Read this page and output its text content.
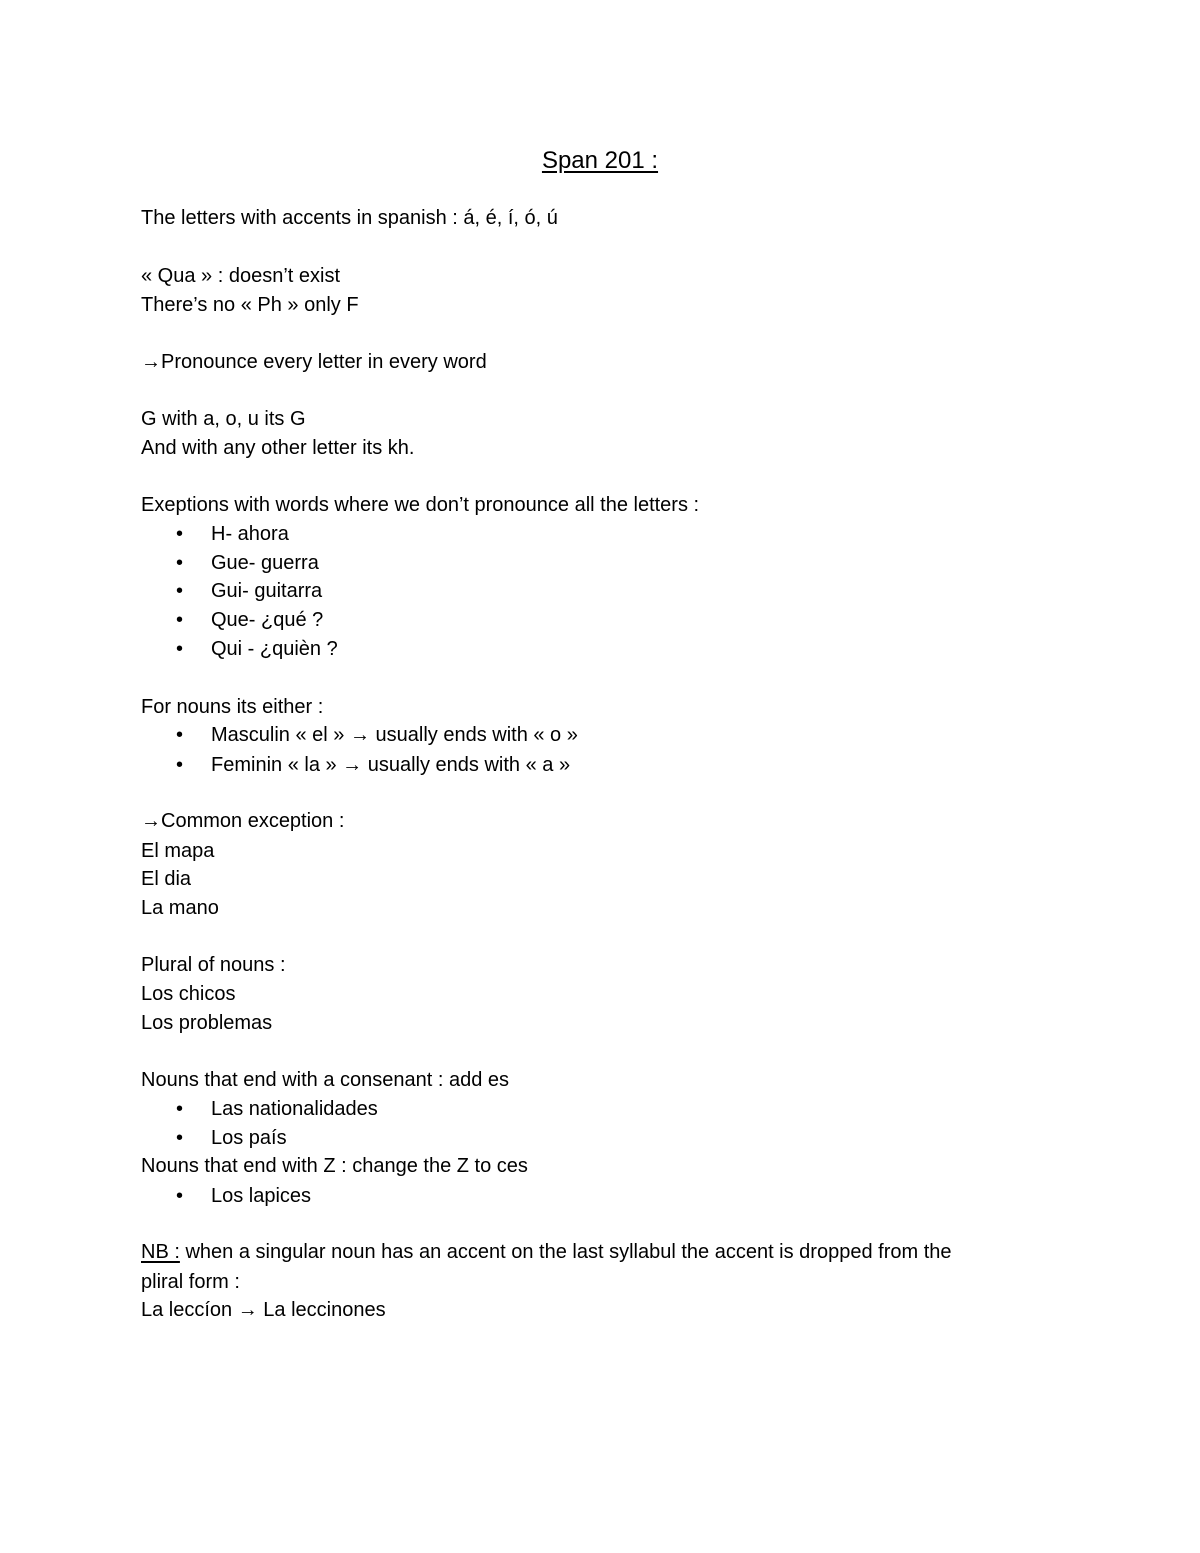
Span 201 :
The letters with accents in spanish : á, é, í, ó, ú
« Qua » : doesn’t exist
There’s no « Ph » only F
→Pronounce every letter in every word
G with a, o, u its G
And with any other letter its kh.
Exeptions with words where we don’t pronounce all the letters :
• H- ahora
• Gue- guerra
• Gui- guitarra
• Que- ¿qué ?
• Qui - ¿quièn ?
For nouns its either :
• Masculin « el » → usually ends with « o »
• Feminin « la » → usually ends with « a »
→Common exception :
El mapa
El dia
La mano
Plural of nouns :
Los chicos
Los problemas
Nouns that end with a consenant : add es
• Las nationalidades
• Los país
Nouns that end with Z : change the Z to ces
• Los lapices
NB : when a singular noun has an accent on the last syllabul the accent is dropped from the
pliral form :
La leccíon → La leccinones
